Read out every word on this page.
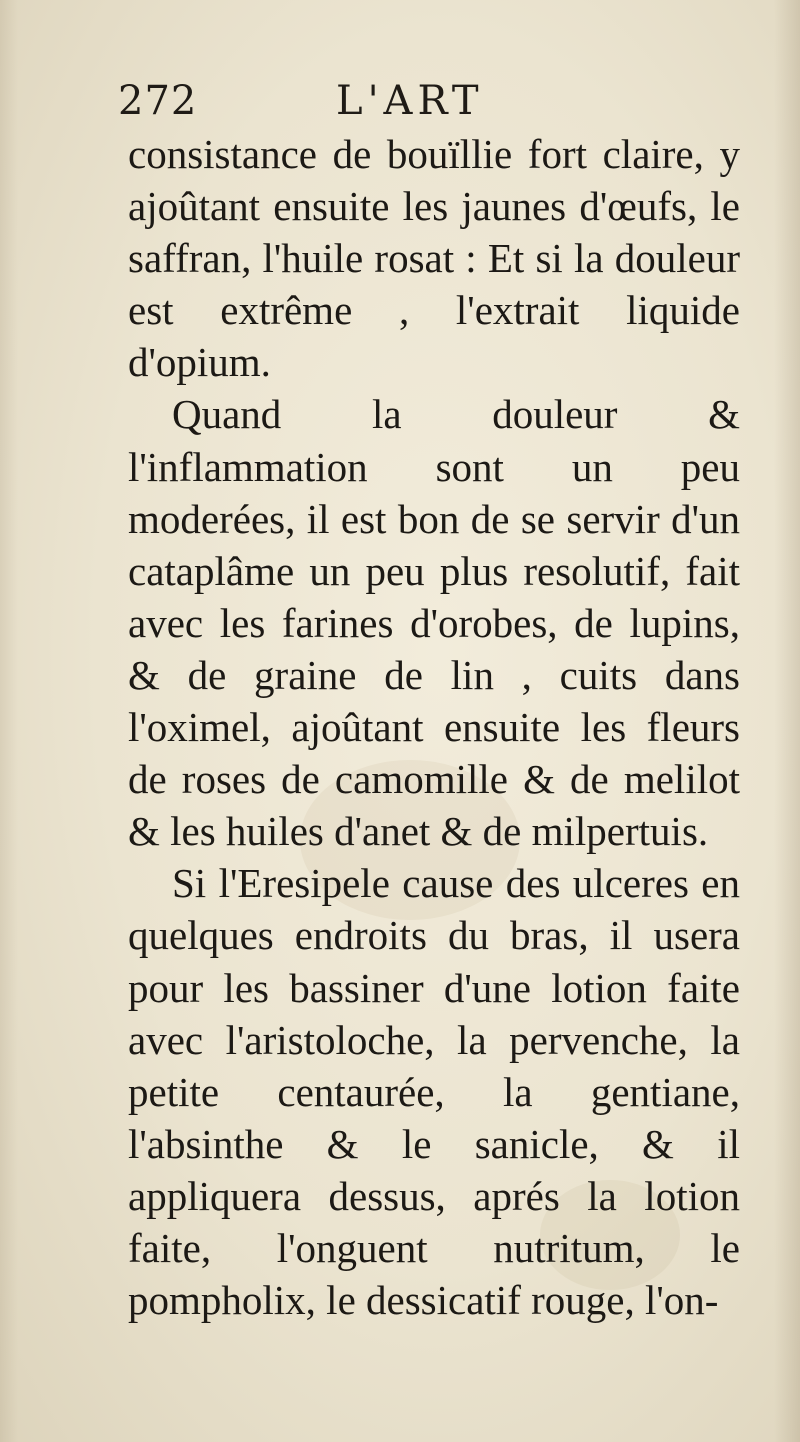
272	L'ART

consistance de bouïllie fort claire, y ajoûtant ensuite les jaunes d'œufs, le saffran, l'huile rosat : Et si la douleur est extrême , l'extrait liquide d'opium.

Quand la douleur & l'inflammation sont un peu moderées, il est bon de se servir d'un cataplâme un peu plus resolutif, fait avec les farines d'orobes, de lupins, & de graine de lin , cuits dans l'oximel, ajoûtant ensuite les fleurs de roses de camomille & de melilot & les huiles d'anet & de milpertuis.

Si l'Eresipele cause des ulceres en quelques endroits du bras, il usera pour les bassiner d'une lotion faite avec l'aristoloche, la pervenche, la petite centaurée, la gentiane, l'absinthe & le sanicle, & il appliquera dessus, aprés la lotion faite, l'onguent nutritum, le pompholix, le dessicatif rouge, l'on-
